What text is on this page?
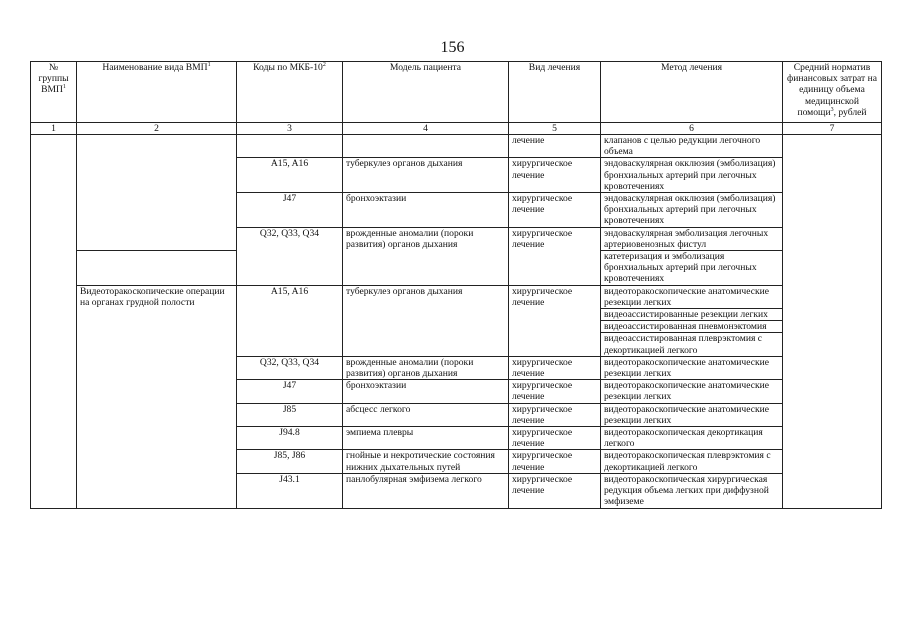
156
№ группы ВМП$^1$	Наименование вида ВМП$^1$	Коды по МКБ-$10^2$	Модель пациента	Вид лечения	Метод лечения	Средний норматив финансовых затрат на единицу объема медицинской помощи$^3$, рублей
1	2	3	4	5	6	7
				лечение	клапанов с целью редукции легочного объема	
		A15, A16	туберкулез органов дыхания	хирургическое лечение	эндоваскулярная окклюзия (эмболизация) бронхиальных артерий при легочных кровотечениях	
		J47	бронхоэктазии	хирургическое лечение	эндоваскулярная окклюзия (эмболизация) бронхиальных артерий при легочных кровотечениях	
		Q32, Q33, Q34	врожденные аномалии (пороки развития) органов дыхания	хирургическое лечение	эндоваскулярная эмболизация легочных артериовенозных фистул	
					катетеризация и эмболизация бронхиальных артерий при легочных кровотечениях	
	Видеоторакоскопические операции на органах грудной полости	A15, A16	туберкулез органов дыхания	хирургическое лечение	видеоторакоскопические анатомические резекции легких	
					видеоассистированные резекции легких	
					видеоассистированная пневмонэктомия	
					видеоассистированная плеврэктомия с декортикацией легкого	
		Q32, Q33, Q34	врожденные аномалии (пороки развития) органов дыхания	хирургическое лечение	видеоторакоскопические анатомические резекции легких	
		J47	бронхоэктазии	хирургическое лечение	видеоторакоскопические анатомические резекции легких	
		J85	абсцесс легкого	хирургическое лечение	видеоторакоскопические анатомические резекции легких	
		J94.8	эмпиема плевры	хирургическое лечение	видеоторакоскопическая декортикация легкого	
		J85, J86	гнойные и некротические состояния нижних дыхательных путей	хирургическое лечение	видеоторакоскопическая плеврэктомия с декортикацией легкого	
		J43.1	панлобулярная эмфизема легкого	хирургическое лечение	видеоторакоскопическая хирургическая редукция объема легких при диффузной эмфиземе	
